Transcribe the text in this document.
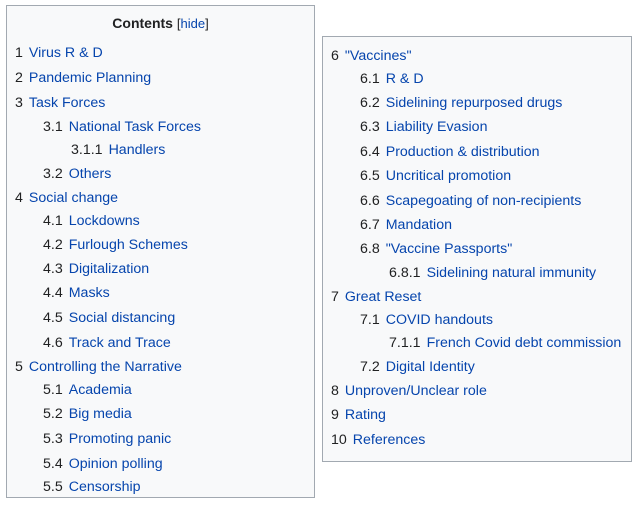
Contents [hide]
1 Virus R & D
2 Pandemic Planning
3 Task Forces
3.1 National Task Forces
3.1.1 Handlers
3.2 Others
4 Social change
4.1 Lockdowns
4.2 Furlough Schemes
4.3 Digitalization
4.4 Masks
4.5 Social distancing
4.6 Track and Trace
5 Controlling the Narrative
5.1 Academia
5.2 Big media
5.3 Promoting panic
5.4 Opinion polling
5.5 Censorship
6 "Vaccines"
6.1 R & D
6.2 Sidelining repurposed drugs
6.3 Liability Evasion
6.4 Production & distribution
6.5 Uncritical promotion
6.6 Scapegoating of non-recipients
6.7 Mandation
6.8 "Vaccine Passports"
6.8.1 Sidelining natural immunity
7 Great Reset
7.1 COVID handouts
7.1.1 French Covid debt commission
7.2 Digital Identity
8 Unproven/Unclear role
9 Rating
10 References
